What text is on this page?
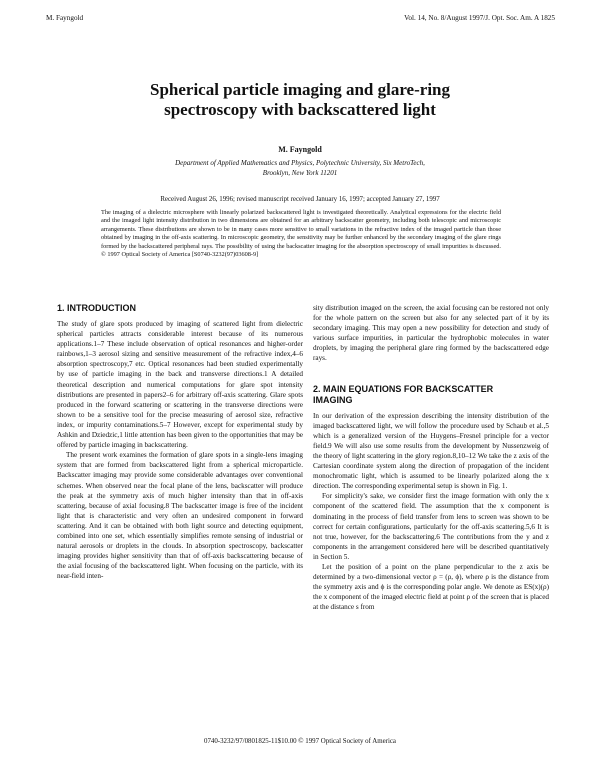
M. Fayngold	Vol. 14, No. 8/August 1997/J. Opt. Soc. Am. A 1825
Spherical particle imaging and glare-ring
spectroscopy with backscattered light
M. Fayngold
Department of Applied Mathematics and Physics, Polytechnic University, Six MetroTech,
Brooklyn, New York 11201
Received August 26, 1996; revised manuscript received January 16, 1997; accepted January 27, 1997
The imaging of a dielectric microsphere with linearly polarized backscattered light is investigated theoretically. Analytical expressions for the electric field and the imaged light intensity distribution in two dimensions are obtained for an arbitrary backscatter geometry, including both telescopic and microscopic arrangements. These distributions are shown to be in many cases more sensitive to small variations in the refractive index of the imaged particle than those obtained by imaging in the off-axis scattering. In microscopic geometry, the sensitivity may be further enhanced by the secondary imaging of the glare rings formed by the backscattered peripheral rays. The possibility of using the backscatter imaging for the absorption spectroscopy of small impurities is discussed. © 1997 Optical Society of America [S0740-3232(97)03608-9]
1. INTRODUCTION

The study of glare spots produced by imaging of scattered light from dielectric spherical particles attracts considerable interest because of its numerous applications.1–7 These include observation of optical resonances and higher-order rainbows,1–3 aerosol sizing and sensitive measurement of the refractive index,4–6 absorption spectroscopy,7 etc. Optical resonances had been studied experimentally by use of particle imaging in the back and transverse directions.1 A detailed theoretical description and numerical computations for glare spot intensity distributions are presented in papers2–6 for arbitrary off-axis scattering. Glare spots produced in the forward scattering or scattering in the transverse directions were shown to be a sensitive tool for the precise measuring of aerosol size, refractive index, or impurity contaminations.5–7 However, except for experimental study by Ashkin and Dziedzic,1 little attention has been given to the opportunities that may be offered by particle imaging in backscattering.

The present work examines the formation of glare spots in a single-lens imaging system that are formed from backscattered light from a spherical microparticle. Backscatter imaging may provide some considerable advantages over conventional schemes. When observed near the focal plane of the lens, backscatter will produce the peak at the symmetry axis of much higher intensity than that in off-axis scattering, because of axial focusing.8 The backscatter image is free of the incident light that is characteristic and very often an undesired component in forward scattering. And it can be obtained with both light source and detecting equipment, combined into one set, which essentially simplifies remote sensing of industrial or natural aerosols or droplets in the clouds. In absorption spectroscopy, backscatter imaging provides higher sensitivity than that of off-axis backscattering because of the axial focusing of the backscattered light. When focusing on the particle, with its near-field inten-

sity distribution imaged on the screen, the axial focusing can be restored not only for the whole pattern on the screen but also for any selected part of it by its secondary imaging. This may open a new possibility for detection and study of various surface impurities, in particular the hydrophobic molecules in water droplets, by imaging the peripheral glare ring formed by the backscattered edge rays.

2. MAIN EQUATIONS FOR BACKSCATTER
IMAGING

In our derivation of the expression describing the intensity distribution of the imaged backscattered light, we will follow the procedure used by Schaub et al.,5 which is a generalized version of the Huygens–Fresnel principle for a vector field.9 We will also use some results from the development by Nussenzweig of the theory of light scattering in the glory region.8,10–12 We take the z axis of the Cartesian coordinate system along the direction of propagation of the incident monochromatic light, which is assumed to be linearly polarized along the x direction. The corresponding experimental setup is shown in Fig. 1.

For simplicity's sake, we consider first the image formation with only the x component of the scattered field. The assumption that the x component is dominating in the process of field transfer from lens to screen was shown to be correct for certain configurations, particularly for the off-axis scattering.5,6 It is not true, however, for the backscattering.6 The contributions from the y and z components in the arrangement considered here will be described quantitatively in Section 5.

Let the position of a point on the plane perpendicular to the z axis be determined by a two-dimensional vector ρ = (ρ, ϕ), where ρ is the distance from the symmetry axis and ϕ is the corresponding polar angle. We denote as ES(x)(ρ) the x component of the imaged electric field at point ρ of the screen that is placed at the distance s from

0740-3232/97/0801825-11$10.00 © 1997 Optical Society of America
